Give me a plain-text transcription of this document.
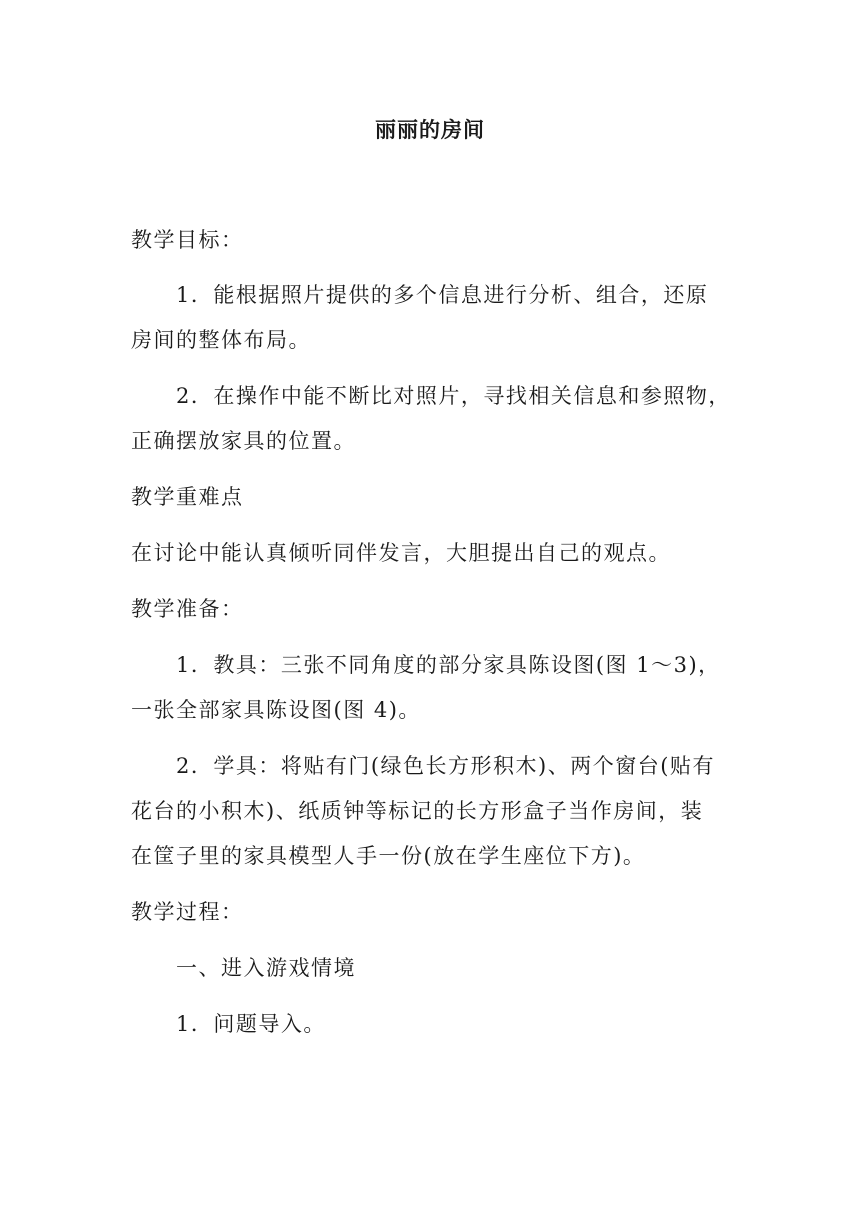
丽丽的房间
教学目标：
1．能根据照片提供的多个信息进行分析、组合，还原
房间的整体布局。
2．在操作中能不断比对照片，寻找相关信息和参照物，
正确摆放家具的位置。
教学重难点
在讨论中能认真倾听同伴发言，大胆提出自己的观点。
教学准备：
1．教具：三张不同角度的部分家具陈设图(图 1～3)，
一张全部家具陈设图(图 4)。
2．学具：将贴有门(绿色长方形积木)、两个窗台(贴有
花台的小积木)、纸质钟等标记的长方形盒子当作房间，装
在筐子里的家具模型人手一份(放在学生座位下方)。
教学过程：
一、进入游戏情境
1．问题导入。
